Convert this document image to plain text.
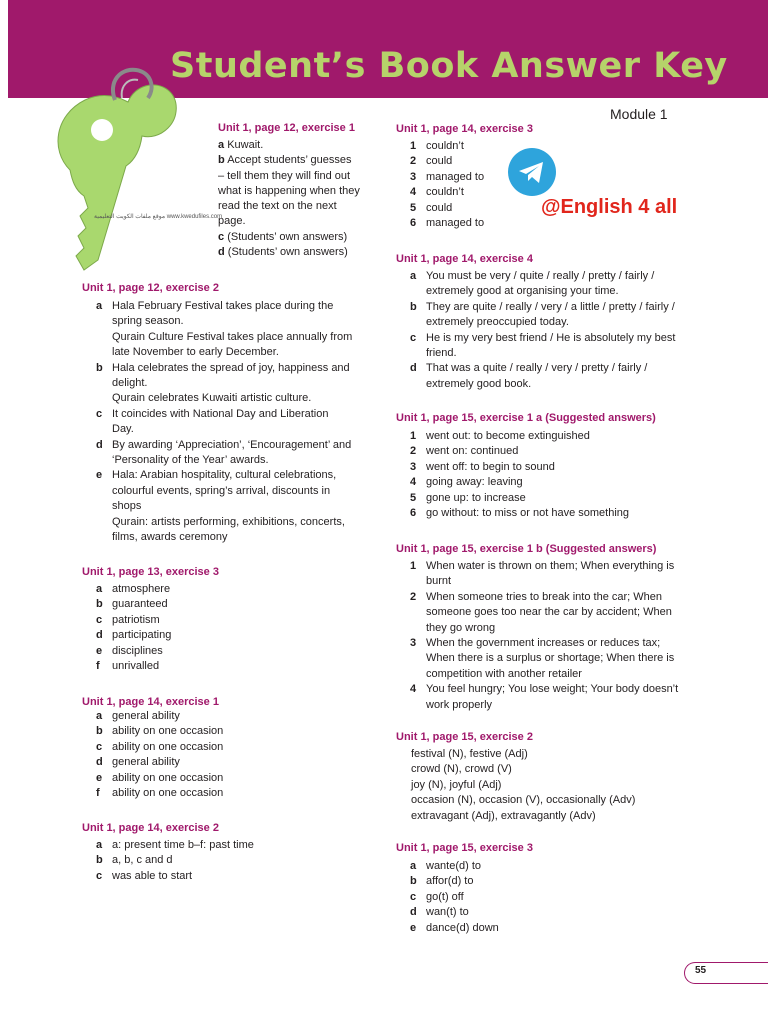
Student’s Book Answer Key
موقع ملفات الكويت التعليمية www.kwedufiles.com
Module 1
Unit 1, page 12, exercise 1
a Kuwait.
b Accept students’ guesses
– tell them they will find out
what is happening when they
read the text on the next
page.
c (Students’ own answers)
d (Students’ own answers)
Unit 1, page 12, exercise 2
a Hala February Festival takes place during the
spring season.
Qurain Culture Festival takes place annually from
late November to early December.
b Hala celebrates the spread of joy, happiness and
delight.
Qurain celebrates Kuwaiti artistic culture.
c It coincides with National Day and Liberation
Day.
d By awarding ‘Appreciation’, ‘Encouragement’ and
‘Personality of the Year’ awards.
e Hala: Arabian hospitality, cultural celebrations,
colourful events, spring’s arrival, discounts in
shops
Qurain: artists performing, exhibitions, concerts,
films, awards ceremony
Unit 1, page 13, exercise 3
a atmosphere
b guaranteed
c patriotism
d participating
e disciplines
f unrivalled
Unit 1, page 14, exercise 1
a general ability
b ability on one occasion
c ability on one occasion
d general ability
e ability on one occasion
f ability on one occasion
Unit 1, page 14, exercise 2
a a: present time b–f: past time
b a, b, c and d
c was able to start
Unit 1, page 14, exercise 3
1 couldn’t
2 could
3 managed to
4 couldn’t
5 could
6 managed to
@English 4 all
Unit 1, page 14, exercise 4
a You must be very / quite / really / pretty / fairly /
extremely good at organising your time.
b They are quite / really / very / a little / pretty / fairly /
extremely preoccupied today.
c He is my very best friend / He is absolutely my best
friend.
d That was a quite / really / very / pretty / fairly /
extremely good book.
Unit 1, page 15, exercise 1 a (Suggested answers)
1 went out: to become extinguished
2 went on: continued
3 went off: to begin to sound
4 going away: leaving
5 gone up: to increase
6 go without: to miss or not have something
Unit 1, page 15, exercise 1 b (Suggested answers)
1 When water is thrown on them; When everything is
burnt
2 When someone tries to break into the car; When
someone goes too near the car by accident; When
they go wrong
3 When the government increases or reduces tax;
When there is a surplus or shortage; When there is
competition with another retailer
4 You feel hungry; You lose weight; Your body doesn’t
work properly
Unit 1, page 15, exercise 2
festival (N), festive (Adj)
crowd (N), crowd (V)
joy (N), joyful (Adj)
occasion (N), occasion (V), occasionally (Adv)
extravagant (Adj), extravagantly (Adv)
Unit 1, page 15, exercise 3
a wante(d) to
b affor(d) to
c go(t) off
d wan(t) to
e dance(d) down
55
